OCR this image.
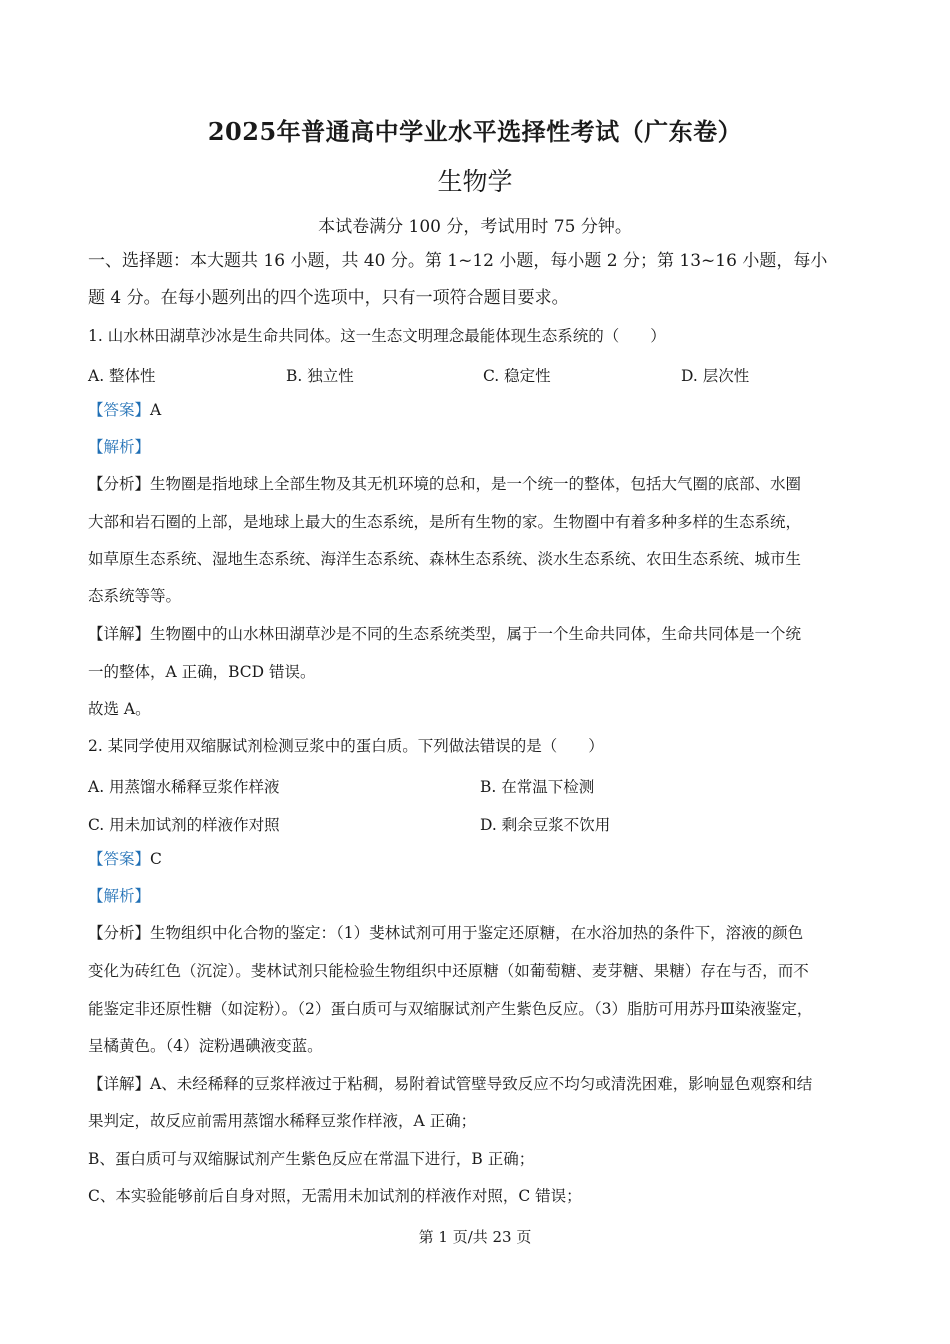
2025年普通高中学业水平选择性考试（广东卷）
生物学
本试卷满分 100 分，考试用时 75 分钟。
一、选择题：本大题共 16 小题，共 40 分。第 1~12 小题，每小题 2 分；第 13~16 小题，每小
题 4 分。在每小题列出的四个选项中，只有一项符合题目要求。
1. 山水林田湖草沙冰是生命共同体。这一生态文明理念最能体现生态系统的（　　）
A. 整体性	B. 独立性	C. 稳定性	D. 层次性
【答案】A
【解析】
【分析】生物圈是指地球上全部生物及其无机环境的总和，是一个统一的整体，包括大气圈的底部、水圈
大部和岩石圈的上部，是地球上最大的生态系统，是所有生物的家。生物圈中有着多种多样的生态系统，
如草原生态系统、湿地生态系统、海洋生态系统、森林生态系统、淡水生态系统、农田生态系统、城市生
态系统等等。
【详解】生物圈中的山水林田湖草沙是不同的生态系统类型，属于一个生命共同体，生命共同体是一个统
一的整体，A 正确，BCD 错误。
故选 A。
2. 某同学使用双缩脲试剂检测豆浆中的蛋白质。下列做法错误的是（　　）
A. 用蒸馏水稀释豆浆作样液	B. 在常温下检测
C. 用未加试剂的样液作对照	D. 剩余豆浆不饮用
【答案】C
【解析】
【分析】生物组织中化合物的鉴定：（1）斐林试剂可用于鉴定还原糖，在水浴加热的条件下，溶液的颜色
变化为砖红色（沉淀）。斐林试剂只能检验生物组织中还原糖（如葡萄糖、麦芽糖、果糖）存在与否，而不
能鉴定非还原性糖（如淀粉）。（2）蛋白质可与双缩脲试剂产生紫色反应。（3）脂肪可用苏丹Ⅲ染液鉴定，
呈橘黄色。（4）淀粉遇碘液变蓝。
【详解】A、未经稀释的豆浆样液过于粘稠，易附着试管壁导致反应不均匀或清洗困难，影响显色观察和结
果判定，故反应前需用蒸馏水稀释豆浆作样液，A 正确；
B、蛋白质可与双缩脲试剂产生紫色反应在常温下进行，B 正确；
C、本实验能够前后自身对照，无需用未加试剂的样液作对照，C 错误；
第 1 页/共 23 页
